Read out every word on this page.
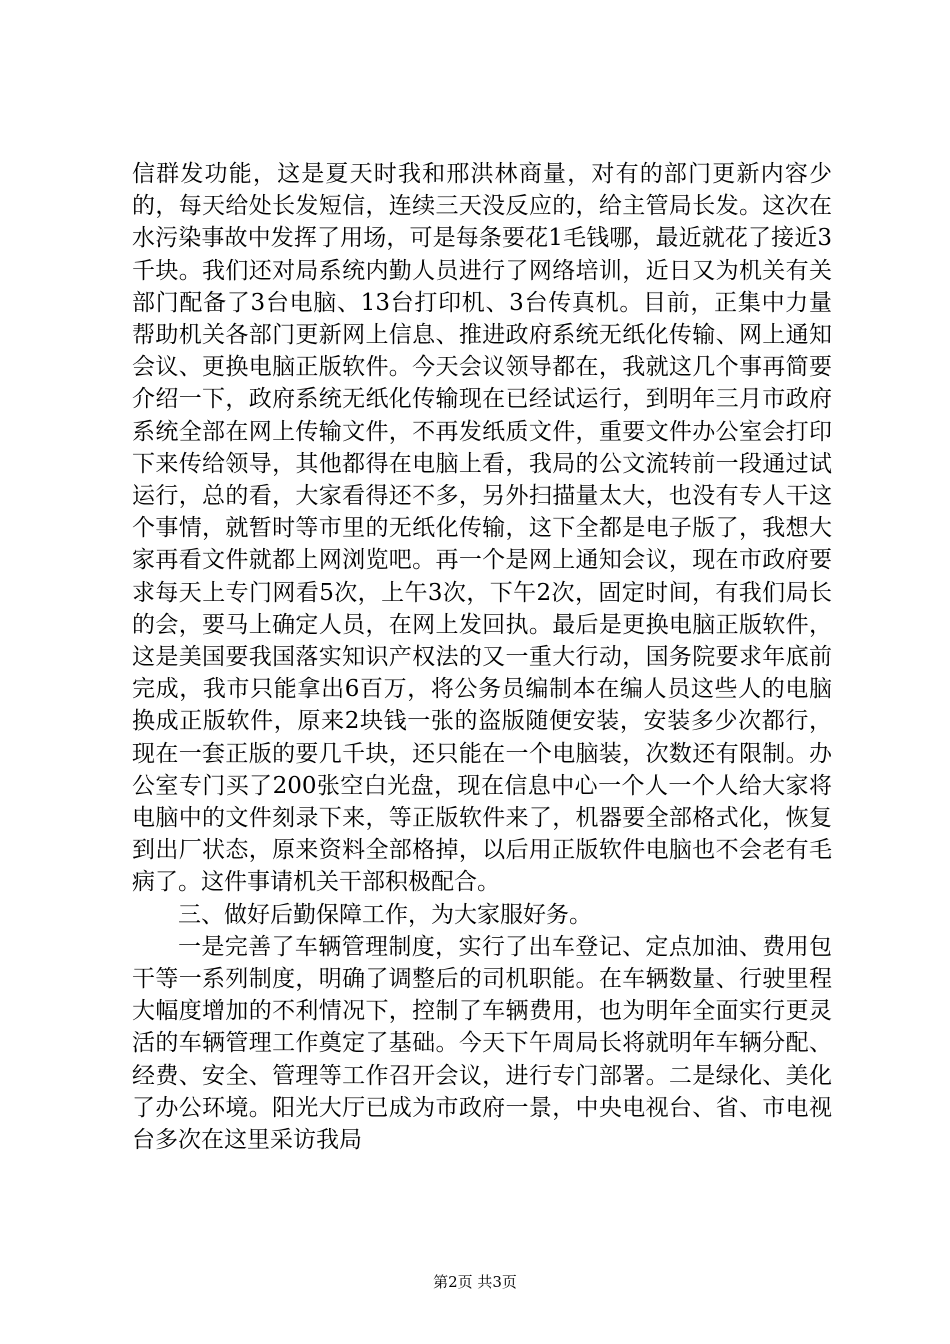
信群发功能，这是夏天时我和邢洪林商量，对有的部门更新内容少的，每天给处长发短信，连续三天没反应的，给主管局长发。这次在水污染事故中发挥了用场，可是每条要花1毛钱哪，最近就花了接近3千块。我们还对局系统内勤人员进行了网络培训，近日又为机关有关部门配备了3台电脑、13台打印机、3台传真机。目前，正集中力量帮助机关各部门更新网上信息、推进政府系统无纸化传输、网上通知会议、更换电脑正版软件。今天会议领导都在，我就这几个事再简要介绍一下，政府系统无纸化传输现在已经试运行，到明年三月市政府系统全部在网上传输文件，不再发纸质文件，重要文件办公室会打印下来传给领导，其他都得在电脑上看，我局的公文流转前一段通过试运行，总的看，大家看得还不多，另外扫描量太大，也没有专人干这个事情，就暂时等市里的无纸化传输，这下全都是电子版了，我想大家再看文件就都上网浏览吧。再一个是网上通知会议，现在市政府要求每天上专门网看5次，上午3次，下午2次，固定时间，有我们局长的会，要马上确定人员，在网上发回执。最后是更换电脑正版软件，这是美国要我国落实知识产权法的又一重大行动，国务院要求年底前完成，我市只能拿出6百万，将公务员编制本在编人员这些人的电脑换成正版软件，原来2块钱一张的盗版随便安装，安装多少次都行，现在一套正版的要几千块，还只能在一个电脑装，次数还有限制。办公室专门买了200张空白光盘，现在信息中心一个人一个人给大家将电脑中的文件刻录下来，等正版软件来了，机器要全部格式化，恢复到出厂状态，原来资料全部格掉，以后用正版软件电脑也不会老有毛病了。这件事请机关干部积极配合。

三、做好后勤保障工作，为大家服好务。

一是完善了车辆管理制度，实行了出车登记、定点加油、费用包干等一系列制度，明确了调整后的司机职能。在车辆数量、行驶里程大幅度增加的不利情况下，控制了车辆费用，也为明年全面实行更灵活的车辆管理工作奠定了基础。今天下午周局长将就明年车辆分配、经费、安全、管理等工作召开会议，进行专门部署。二是绿化、美化了办公环境。阳光大厅已成为市政府一景，中央电视台、省、市电视台多次在这里采访我局

第2页 共3页
